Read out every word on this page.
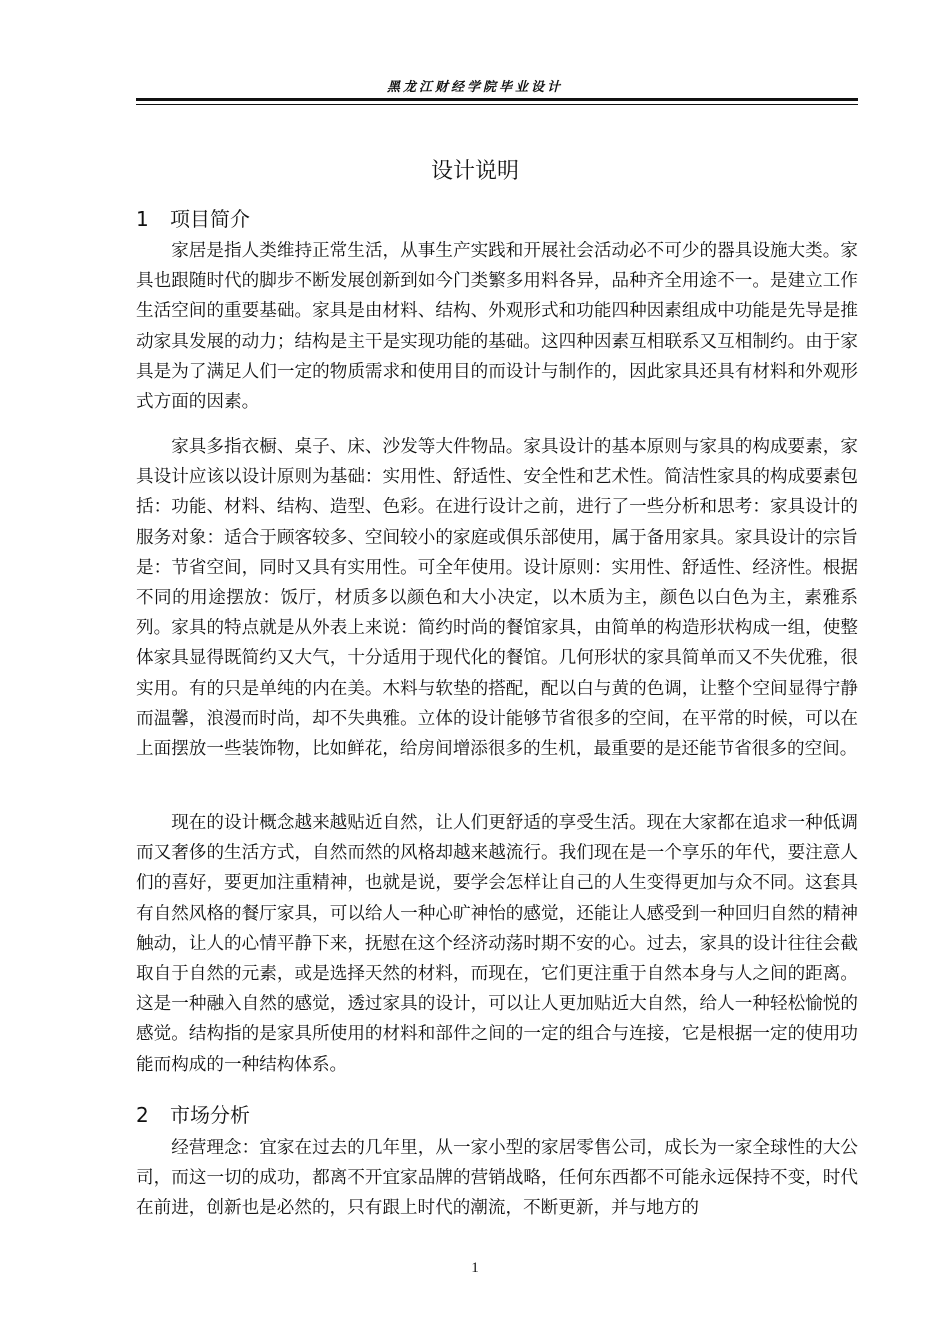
黑龙江财经学院毕业设计
设计说明
1 项目简介

家居是指人类维持正常生活，从事生产实践和开展社会活动必不可少的器具设施大类。家具也跟随时代的脚步不断发展创新到如今门类繁多用料各异，品种齐全用途不一。是建立工作生活空间的重要基础。家具是由材料、结构、外观形式和功能四种因素组成中功能是先导是推动家具发展的动力；结构是主干是实现功能的基础。这四种因素互相联系又互相制约。由于家具是为了满足人们一定的物质需求和使用目的而设计与制作的，因此家具还具有材料和外观形式方面的因素。

家具多指衣橱、桌子、床、沙发等大件物品。家具设计的基本原则与家具的构成要素，家具设计应该以设计原则为基础：实用性、舒适性、安全性和艺术性。简洁性家具的构成要素包括：功能、材料、结构、造型、色彩。在进行设计之前，进行了一些分析和思考：家具设计的服务对象：适合于顾客较多、空间较小的家庭或俱乐部使用，属于备用家具。家具设计的宗旨是：节省空间，同时又具有实用性。可全年使用。设计原则：实用性、舒适性、经济性。根据不同的用途摆放：饭厅，材质多以颜色和大小决定，以木质为主，颜色以白色为主，素雅系列。家具的特点就是从外表上来说：简约时尚的餐馆家具，由简单的构造形状构成一组，使整体家具显得既简约又大气，十分适用于现代化的餐馆。几何形状的家具简单而又不失优雅，很实用。有的只是单纯的内在美。木料与软垫的搭配，配以白与黄的色调，让整个空间显得宁静而温馨，浪漫而时尚，却不失典雅。立体的设计能够节省很多的空间，在平常的时候，可以在上面摆放一些装饰物，比如鲜花，给房间增添很多的生机，最重要的是还能节省很多的空间。

现在的设计概念越来越贴近自然，让人们更舒适的享受生活。现在大家都在追求一种低调而又奢侈的生活方式，自然而然的风格却越来越流行。我们现在是一个享乐的年代，要注意人们的喜好，要更加注重精神，也就是说，要学会怎样让自己的人生变得更加与众不同。这套具有自然风格的餐厅家具，可以给人一种心旷神怡的感觉，还能让人感受到一种回归自然的精神触动，让人的心情平静下来，抚慰在这个经济动荡时期不安的心。过去，家具的设计往往会截取自于自然的元素，或是选择天然的材料，而现在，它们更注重于自然本身与人之间的距离。这是一种融入自然的感觉，透过家具的设计，可以让人更加贴近大自然，给人一种轻松愉悦的感觉。结构指的是家具所使用的材料和部件之间的一定的组合与连接，它是根据一定的使用功能而构成的一种结构体系。

2 市场分析

经营理念：宜家在过去的几年里，从一家小型的家居零售公司，成长为一家全球性的大公司，而这一切的成功，都离不开宜家品牌的营销战略，任何东西都不可能永远保持不变，时代在前进，创新也是必然的，只有跟上时代的潮流，不断更新，并与地方的

1
